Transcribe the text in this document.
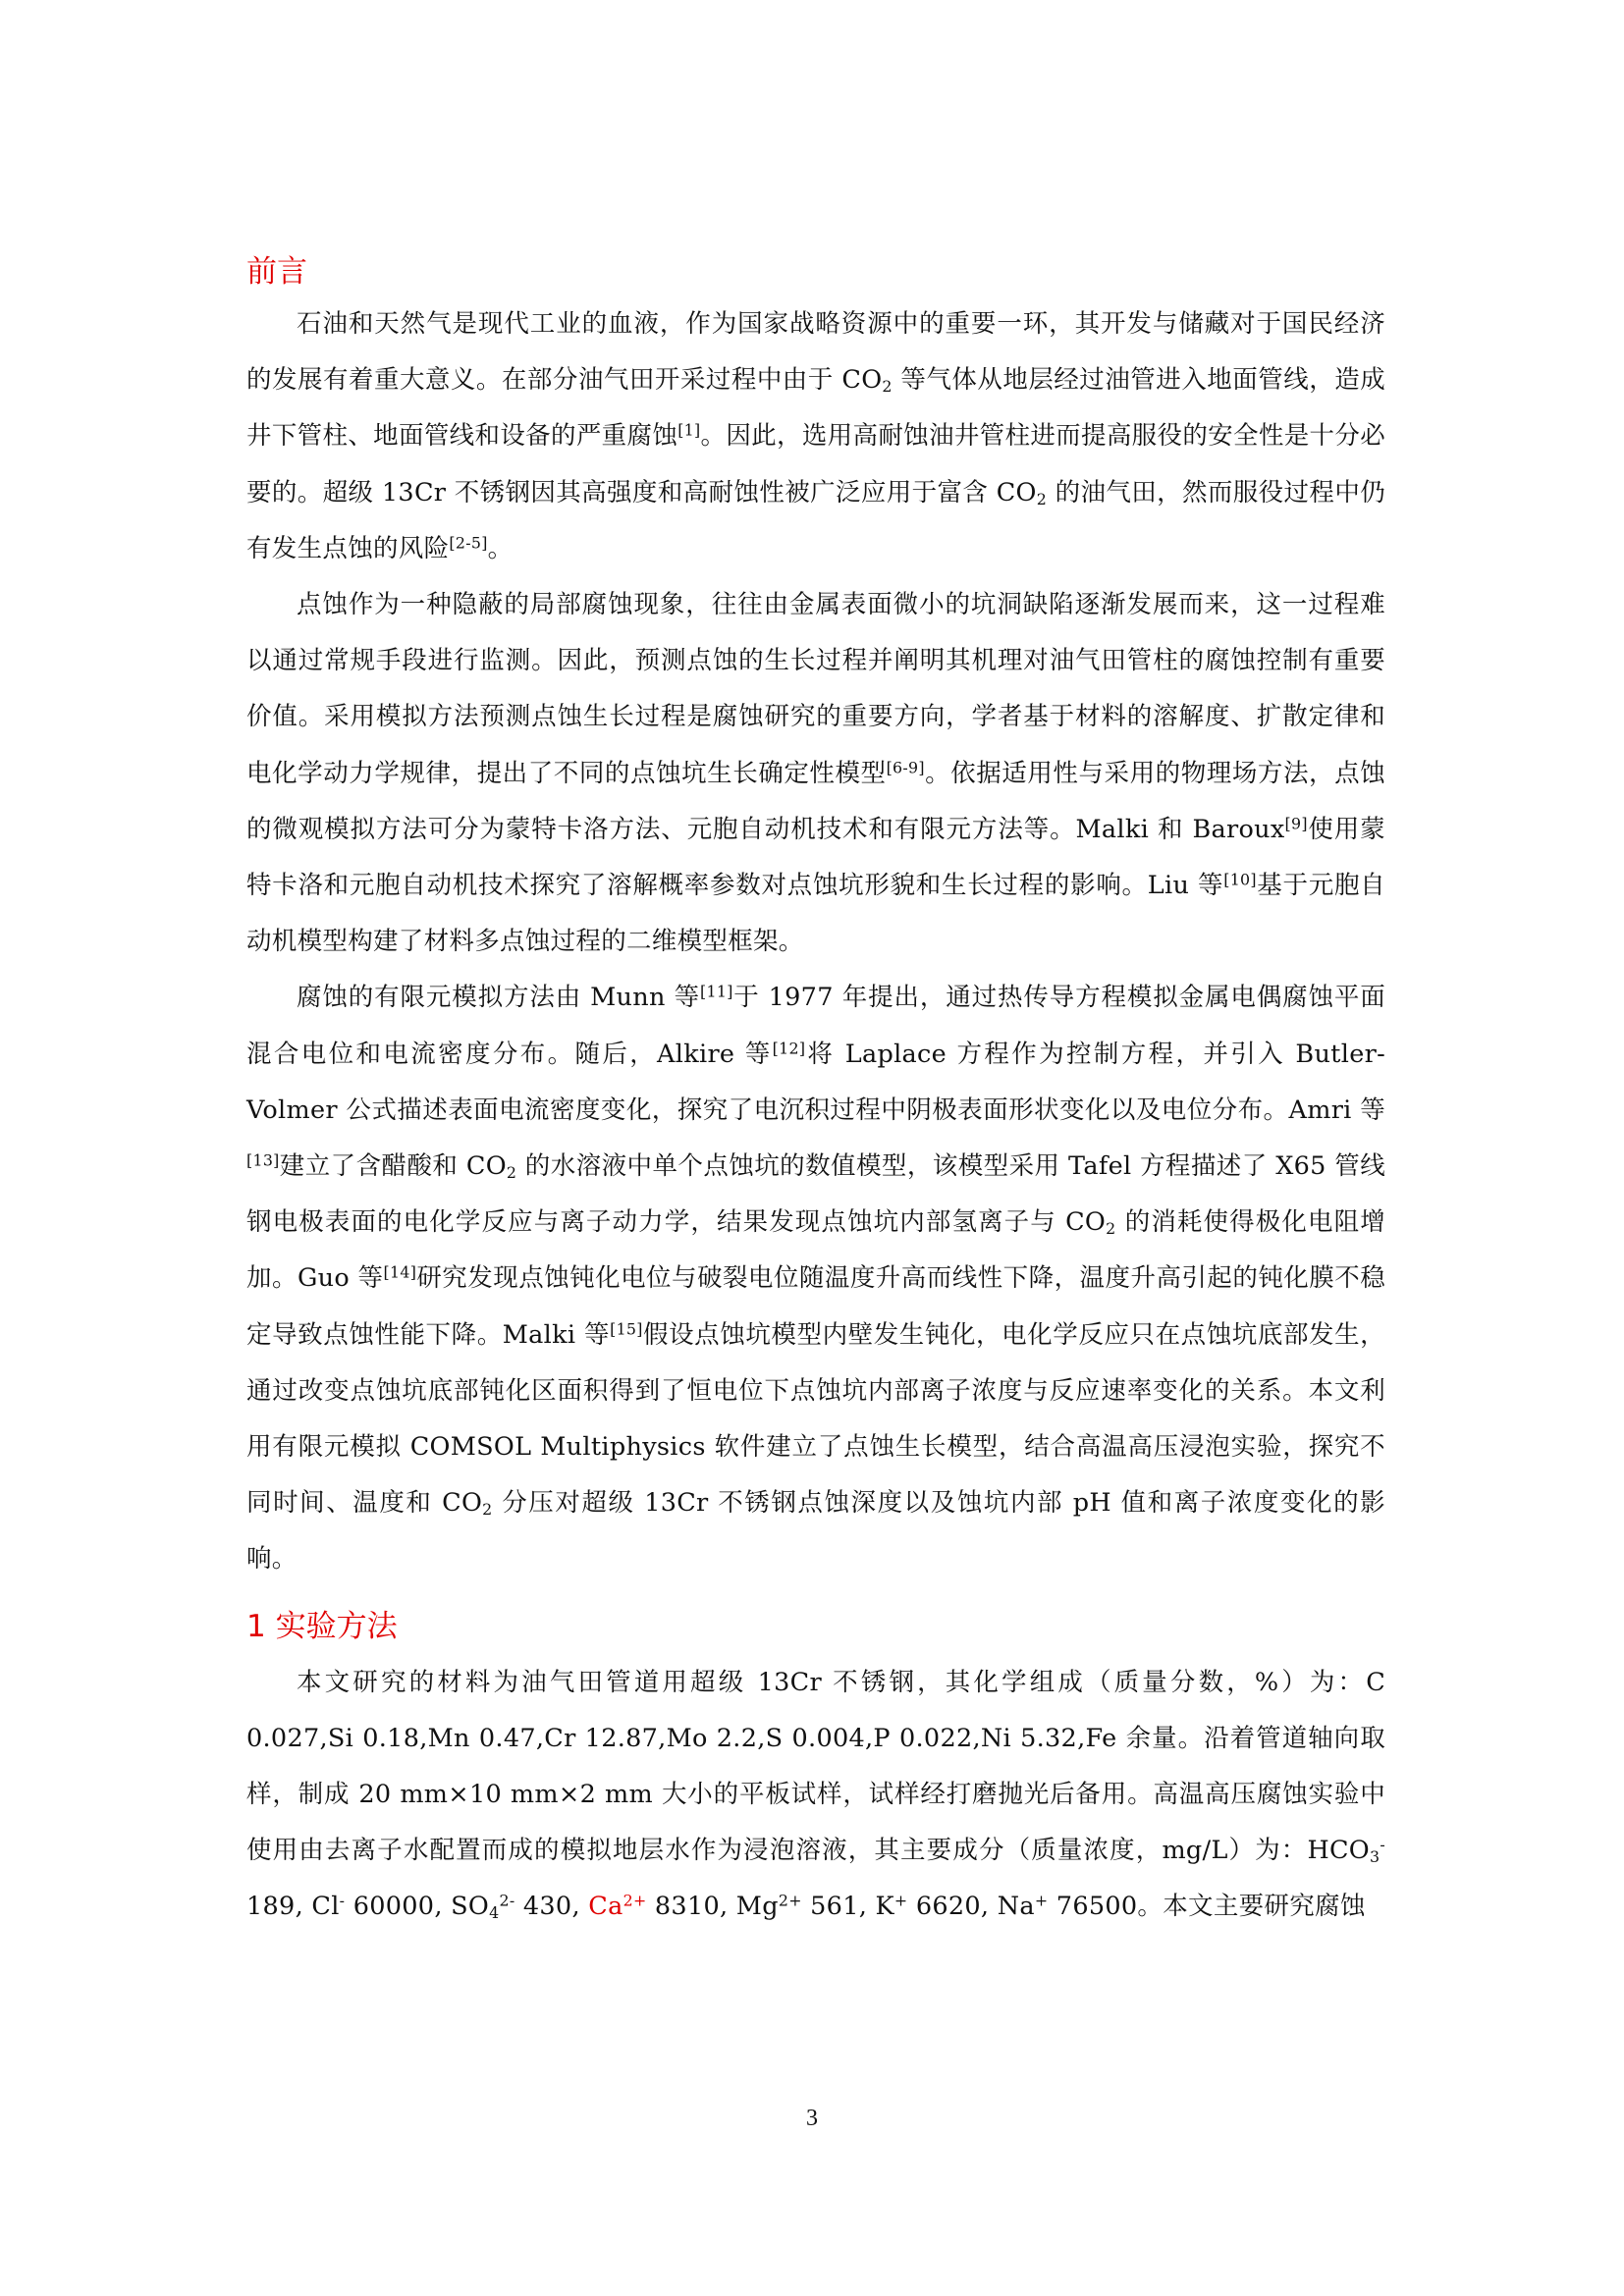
前言

石油和天然气是现代工业的血液，作为国家战略资源中的重要一环，其开发与储藏对于国民经济的发展有着重大意义。在部分油气田开采过程中由于 $CO_2$ 等气体从地层经过油管进入地面管线，造成井下管柱、地面管线和设备的严重腐蚀[1]。因此，选用高耐蚀油井管柱进而提高服役的安全性是十分必要的。超级 13Cr 不锈钢因其高强度和高耐蚀性被广泛应用于富含 $CO_2$ 的油气田，然而服役过程中仍有发生点蚀的风险[2-5]。

点蚀作为一种隐蔽的局部腐蚀现象，往往由金属表面微小的坑洞缺陷逐渐发展而来，这一过程难以通过常规手段进行监测。因此，预测点蚀的生长过程并阐明其机理对油气田管柱的腐蚀控制有重要价值。采用模拟方法预测点蚀生长过程是腐蚀研究的重要方向，学者基于材料的溶解度、扩散定律和电化学动力学规律，提出了不同的点蚀坑生长确定性模型[6-9]。依据适用性与采用的物理场方法，点蚀的微观模拟方法可分为蒙特卡洛方法、元胞自动机技术和有限元方法等。Malki 和 Baroux[9]使用蒙特卡洛和元胞自动机技术探究了溶解概率参数对点蚀坑形貌和生长过程的影响。Liu 等[10]基于元胞自动机模型构建了材料多点蚀过程的二维模型框架。

腐蚀的有限元模拟方法由 Munn 等[11]于 1977 年提出，通过热传导方程模拟金属电偶腐蚀平面混合电位和电流密度分布。随后，Alkire 等[12]将 Laplace 方程作为控制方程，并引入 Butler-Volmer 公式描述表面电流密度变化，探究了电沉积过程中阴极表面形状变化以及电位分布。Amri 等[13]建立了含醋酸和 $CO_2$ 的水溶液中单个点蚀坑的数值模型，该模型采用 Tafel 方程描述了 X65 管线钢电极表面的电化学反应与离子动力学，结果发现点蚀坑内部氢离子与 $CO_2$ 的消耗使得极化电阻增加。Guo 等[14]研究发现点蚀钝化电位与破裂电位随温度升高而线性下降，温度升高引起的钝化膜不稳定导致点蚀性能下降。Malki 等[15]假设点蚀坑模型内壁发生钝化，电化学反应只在点蚀坑底部发生，通过改变点蚀坑底部钝化区面积得到了恒电位下点蚀坑内部离子浓度与反应速率变化的关系。本文利用有限元模拟 COMSOL Multiphysics 软件建立了点蚀生长模型，结合高温高压浸泡实验，探究不同时间、温度和 $CO_2$ 分压对超级 13Cr 不锈钢点蚀深度以及蚀坑内部 pH 值和离子浓度变化的影响。

1 实验方法

本文研究的材料为油气田管道用超级 13Cr 不锈钢，其化学组成（质量分数，%）为：C 0.027,Si 0.18,Mn 0.47,Cr 12.87,Mo 2.2,S 0.004,P 0.022,Ni 5.32,Fe 余量。沿着管道轴向取样，制成 20 mm×10 mm×2 mm 大小的平板试样，试样经打磨抛光后备用。高温高压腐蚀实验中使用由去离子水配置而成的模拟地层水作为浸泡溶液，其主要成分（质量浓度，mg/L）为：$HCO_3^-$ 189, Cl- 60000, $SO_4^{2-}$ 430, $Ca^{2+}$ 8310, $Mg^{2+}$ 561, K+ 6620, Na+ 76500。本文主要研究腐蚀

3
